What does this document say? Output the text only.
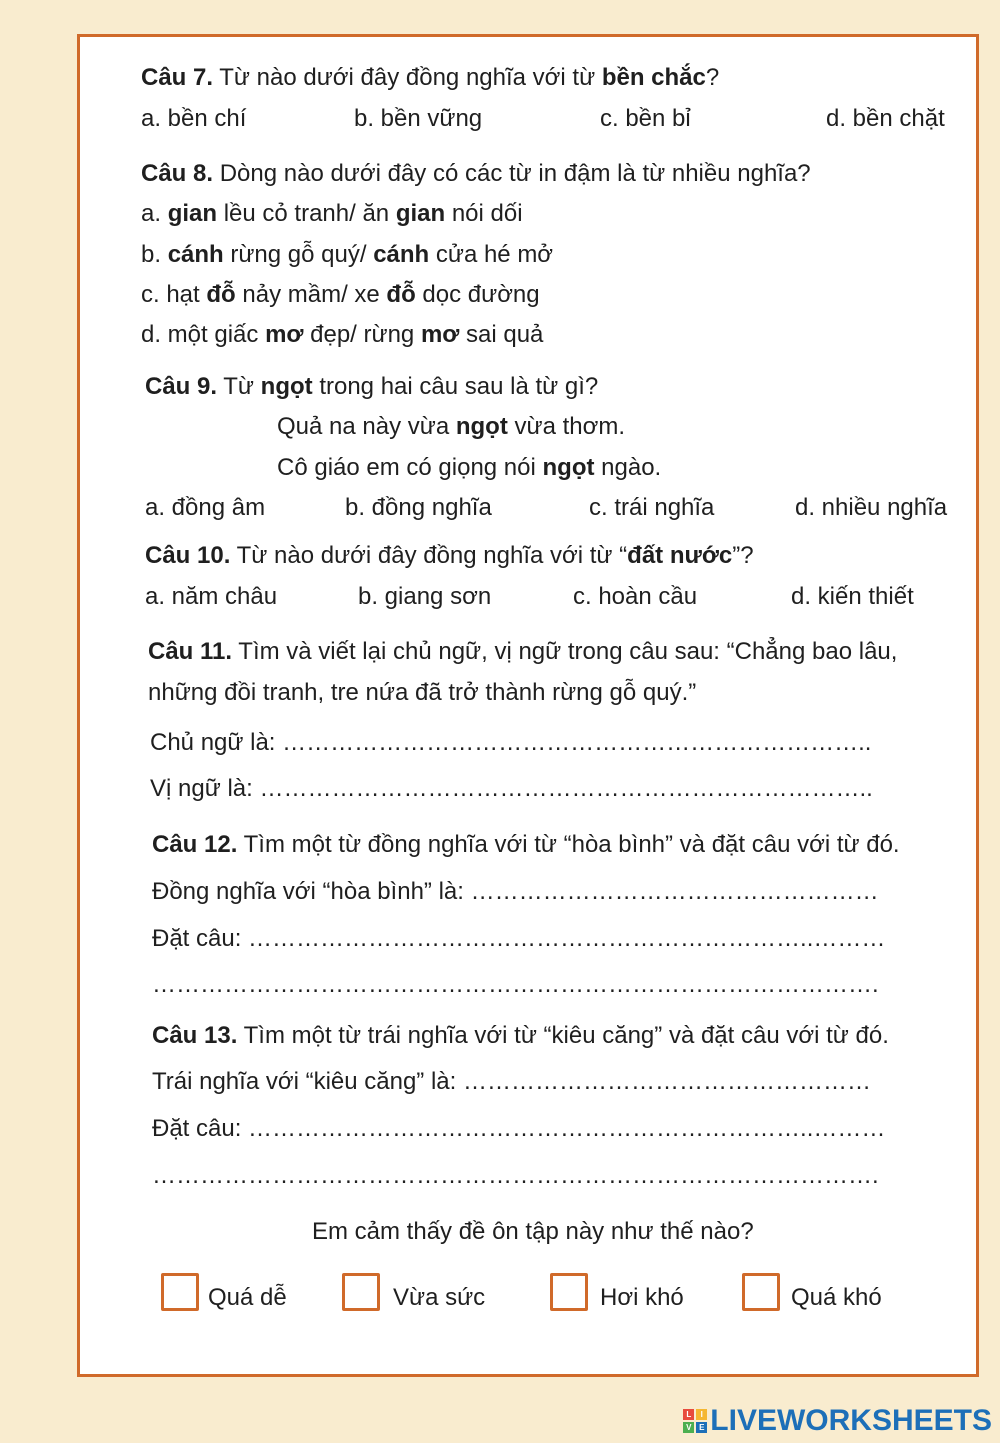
Câu 7. Từ nào dưới đây đồng nghĩa với từ bền chắc?
a. bền chí	b. bền vững	c. bền bỉ	d. bền chặt
Câu 8. Dòng nào dưới đây có các từ in đậm là từ nhiều nghĩa?
a. gian lều cỏ tranh/ ăn gian nói dối
b. cánh rừng gỗ quý/ cánh cửa hé mở
c. hạt đỗ nảy mầm/ xe đỗ dọc đường
d. một giấc mơ đẹp/ rừng mơ sai quả
Câu 9. Từ ngọt trong hai câu sau là từ gì?
Quả na này vừa ngọt vừa thơm.
Cô giáo em có giọng nói ngọt ngào.
a. đồng âm	b. đồng nghĩa	c. trái nghĩa	d. nhiều nghĩa
Câu 10. Từ nào dưới đây đồng nghĩa với từ “đất nước”?
a. năm châu	b. giang sơn	c. hoàn cầu	d. kiến thiết
Câu 11. Tìm và viết lại chủ ngữ, vị ngữ trong câu sau: “Chẳng bao lâu,
những đồi tranh, tre nứa đã trở thành rừng gỗ quý.”
Chủ ngữ là: ………………………………………………………………..
Vị ngữ là: …………………………………………………………………..
Câu 12. Tìm một từ đồng nghĩa với từ “hòa bình” và đặt câu với từ đó.
Đồng nghĩa với “hòa bình” là: ……………………………………………
Đặt câu: ……………………………………………………………..………
……………………………………………………………………………….
Câu 13. Tìm một từ trái nghĩa với từ “kiêu căng” và đặt câu với từ đó.
Trái nghĩa với “kiêu căng” là: ……………………………………………
Đặt câu: ……………………………………………………………..………
……………………………………………………………………………….
Em cảm thấy đề ôn tập này như thế nào?
Quá dễ	Vừa sức	Hơi khó	Quá khó
L	I
V E LIVEWORKSHEETS
